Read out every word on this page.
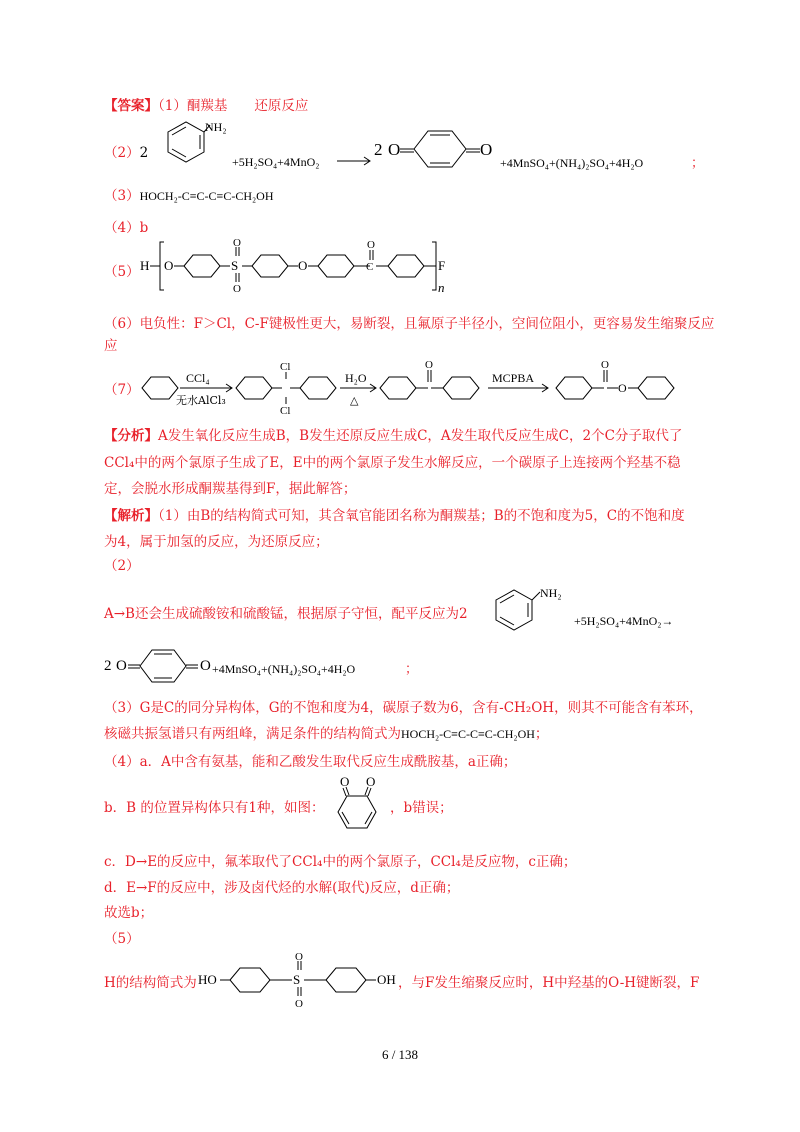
【答案】（1）酮羰基　　还原反应
（2）2
NH₂
+5H₂SO₄+4MnO₂ →
2 O	O
+4MnSO₄+(NH₄)₂SO₄+4H₂O	；
（3）HOCH₂-C≡C-C≡C-CH₂OH
（4）b
（5） H O	S
O
O
O	C
O
F
n
（6）电负性：F＞Cl，C-F键极性更大，易断裂，且氟原子半径小，空间位阻小，更容易发生缩聚反应
应
（7）
CCl₄
无水AlCl₃
Cl
Cl
H₂O
△
O
MCPBA
O
O
【分析】A发生氧化反应生成B，B发生还原反应生成C，A发生取代反应生成C，2个C分子取代了
CCl₄中的两个氯原子生成了E，E中的两个氯原子发生水解反应，一个碳原子上连接两个羟基不稳
定，会脱水形成酮羰基得到F，据此解答；
【解析】（1）由B的结构简式可知，其含氧官能团名称为酮羰基；B的不饱和度为5，C的不饱和度
为4，属于加氢的反应，为还原反应；
（2）
A→B还会生成硫酸铵和硫酸锰，根据原子守恒，配平反应为2
NH₂
+5H₂SO₄+4MnO₂→
2 O	O +4MnSO₄+(NH₄)₂SO₄+4H₂O	；
（3）G是C的同分异构体，G的不饱和度为4，碳原子数为6，含有-CH₂OH，则其不可能含有苯环，
核磁共振氢谱只有两组峰，满足条件的结构简式为HOCH₂-C≡C-C≡C-CH₂OH；
（4）a．A中含有氨基，能和乙酸发生取代反应生成酰胺基，a正确；
b．B 的位置异构体只有1种，如图：
O O
，b错误；
c．D→E的反应中，氟苯取代了CCl₄中的两个氯原子，CCl₄是反应物，c正确；
d．E→F的反应中，涉及卤代烃的水解(取代)反应，d正确；
故选b；
（5）
H的结构简式为 HO	S
O
O
OH ，与F发生缩聚反应时，H中羟基的O-H键断裂，F
6 / 138
